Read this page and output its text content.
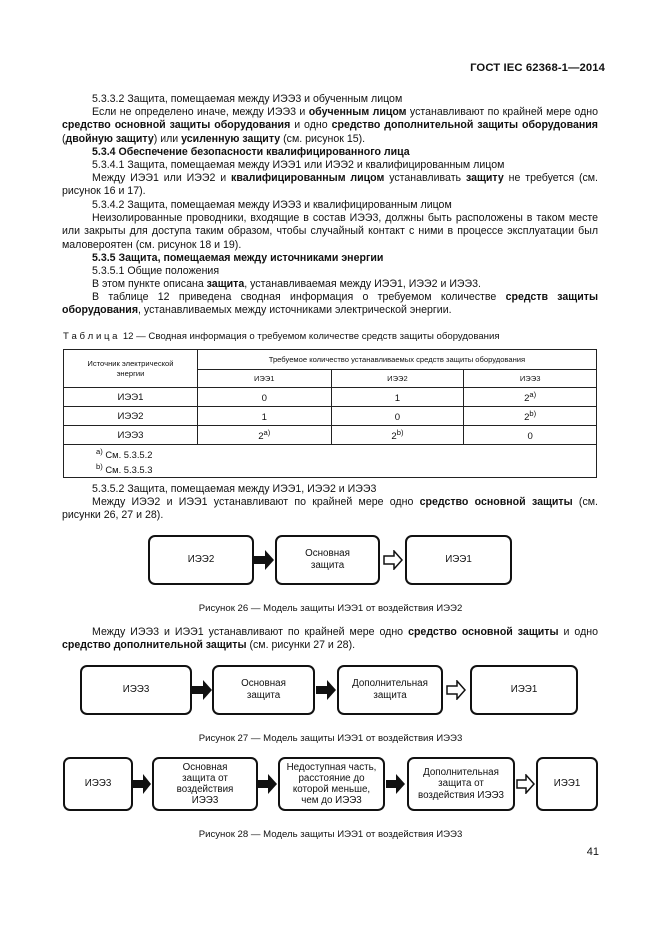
ГОСТ IEC 62368-1—2014

5.3.3.2 Защита, помещаемая между ИЭЭ3 и обученным лицом

Если не определено иначе, между ИЭЭ3 и обученным лицом устанавливают по крайней мере одно средство основной защиты оборудования и одно средство дополнительной защиты оборудования (двойную защиту) или усиленную защиту (см. рисунок 15).

5.3.4 Обеспечение безопасности квалифицированного лица

5.3.4.1 Защита, помещаемая между ИЭЭ1 или ИЭЭ2 и квалифицированным лицом

Между ИЭЭ1 или ИЭЭ2 и квалифицированным лицом устанавливать защиту не требуется (см. рисунок 16 и 17).

5.3.4.2 Защита, помещаемая между ИЭЭ3 и квалифицированным лицом

Неизолированные проводники, входящие в состав ИЭЭ3, должны быть расположены в таком месте или закрыты для доступа таким образом, чтобы случайный контакт с ними в процессе эксплуатации был маловероятен (см. рисунок 18 и 19).

5.3.5 Защита, помещаемая между источниками энергии

5.3.5.1 Общие положения

В этом пункте описана защита, устанавливаемая между ИЭЭ1, ИЭЭ2 и ИЭЭ3.

В таблице 12 приведена сводная информация о требуемом количестве средств защиты оборудования, устанавливаемых между источниками электрической энергии.

Т а б л и ц а 12 — Сводная информация о требуемом количестве средств защиты оборудования
Источник электрической энергии	Требуемое количество устанавливаемых средств защиты оборудования		
	ИЭЭ1	ИЭЭ2	ИЭЭ3
ИЭЭ1	0	1	2$^{a)}$
ИЭЭ2	1	0	2$^{b)}$
ИЭЭ3	2$^{a)}$	2$^{b)}$	0

$^{a)}$ См. 5.3.5.2
$^{b)}$ См. 5.3.5.3			

5.3.5.2 Защита, помещаемая между ИЭЭ1, ИЭЭ2 и ИЭЭ3

Между ИЭЭ2 и ИЭЭ1 устанавливают по крайней мере одно средство основной защиты (см. рисунки 26, 27 и 28).

ИЭЭ2
Основная защита
ИЭЭ1
Рисунок 26 — Модель защиты ИЭЭ1 от воздействия ИЭЭ2

Между ИЭЭ3 и ИЭЭ1 устанавливают по крайней мере одно средство основной защиты и одно средство дополнительной защиты (см. рисунки 27 и 28).

ИЭЭ3
Основная защита
Дополнительная защита
ИЭЭ1
Рисунок 27 — Модель защиты ИЭЭ1 от воздействия ИЭЭ3
ИЭЭ3
Основная защита от воздействия ИЭЭ3
Недоступная часть, расстояние до которой меньше, чем до ИЭЭ3
Дополнительная защита от воздействия ИЭЭ3
ИЭЭ1
Рисунок 28 — Модель защиты ИЭЭ1 от воздействия ИЭЭ3
41
